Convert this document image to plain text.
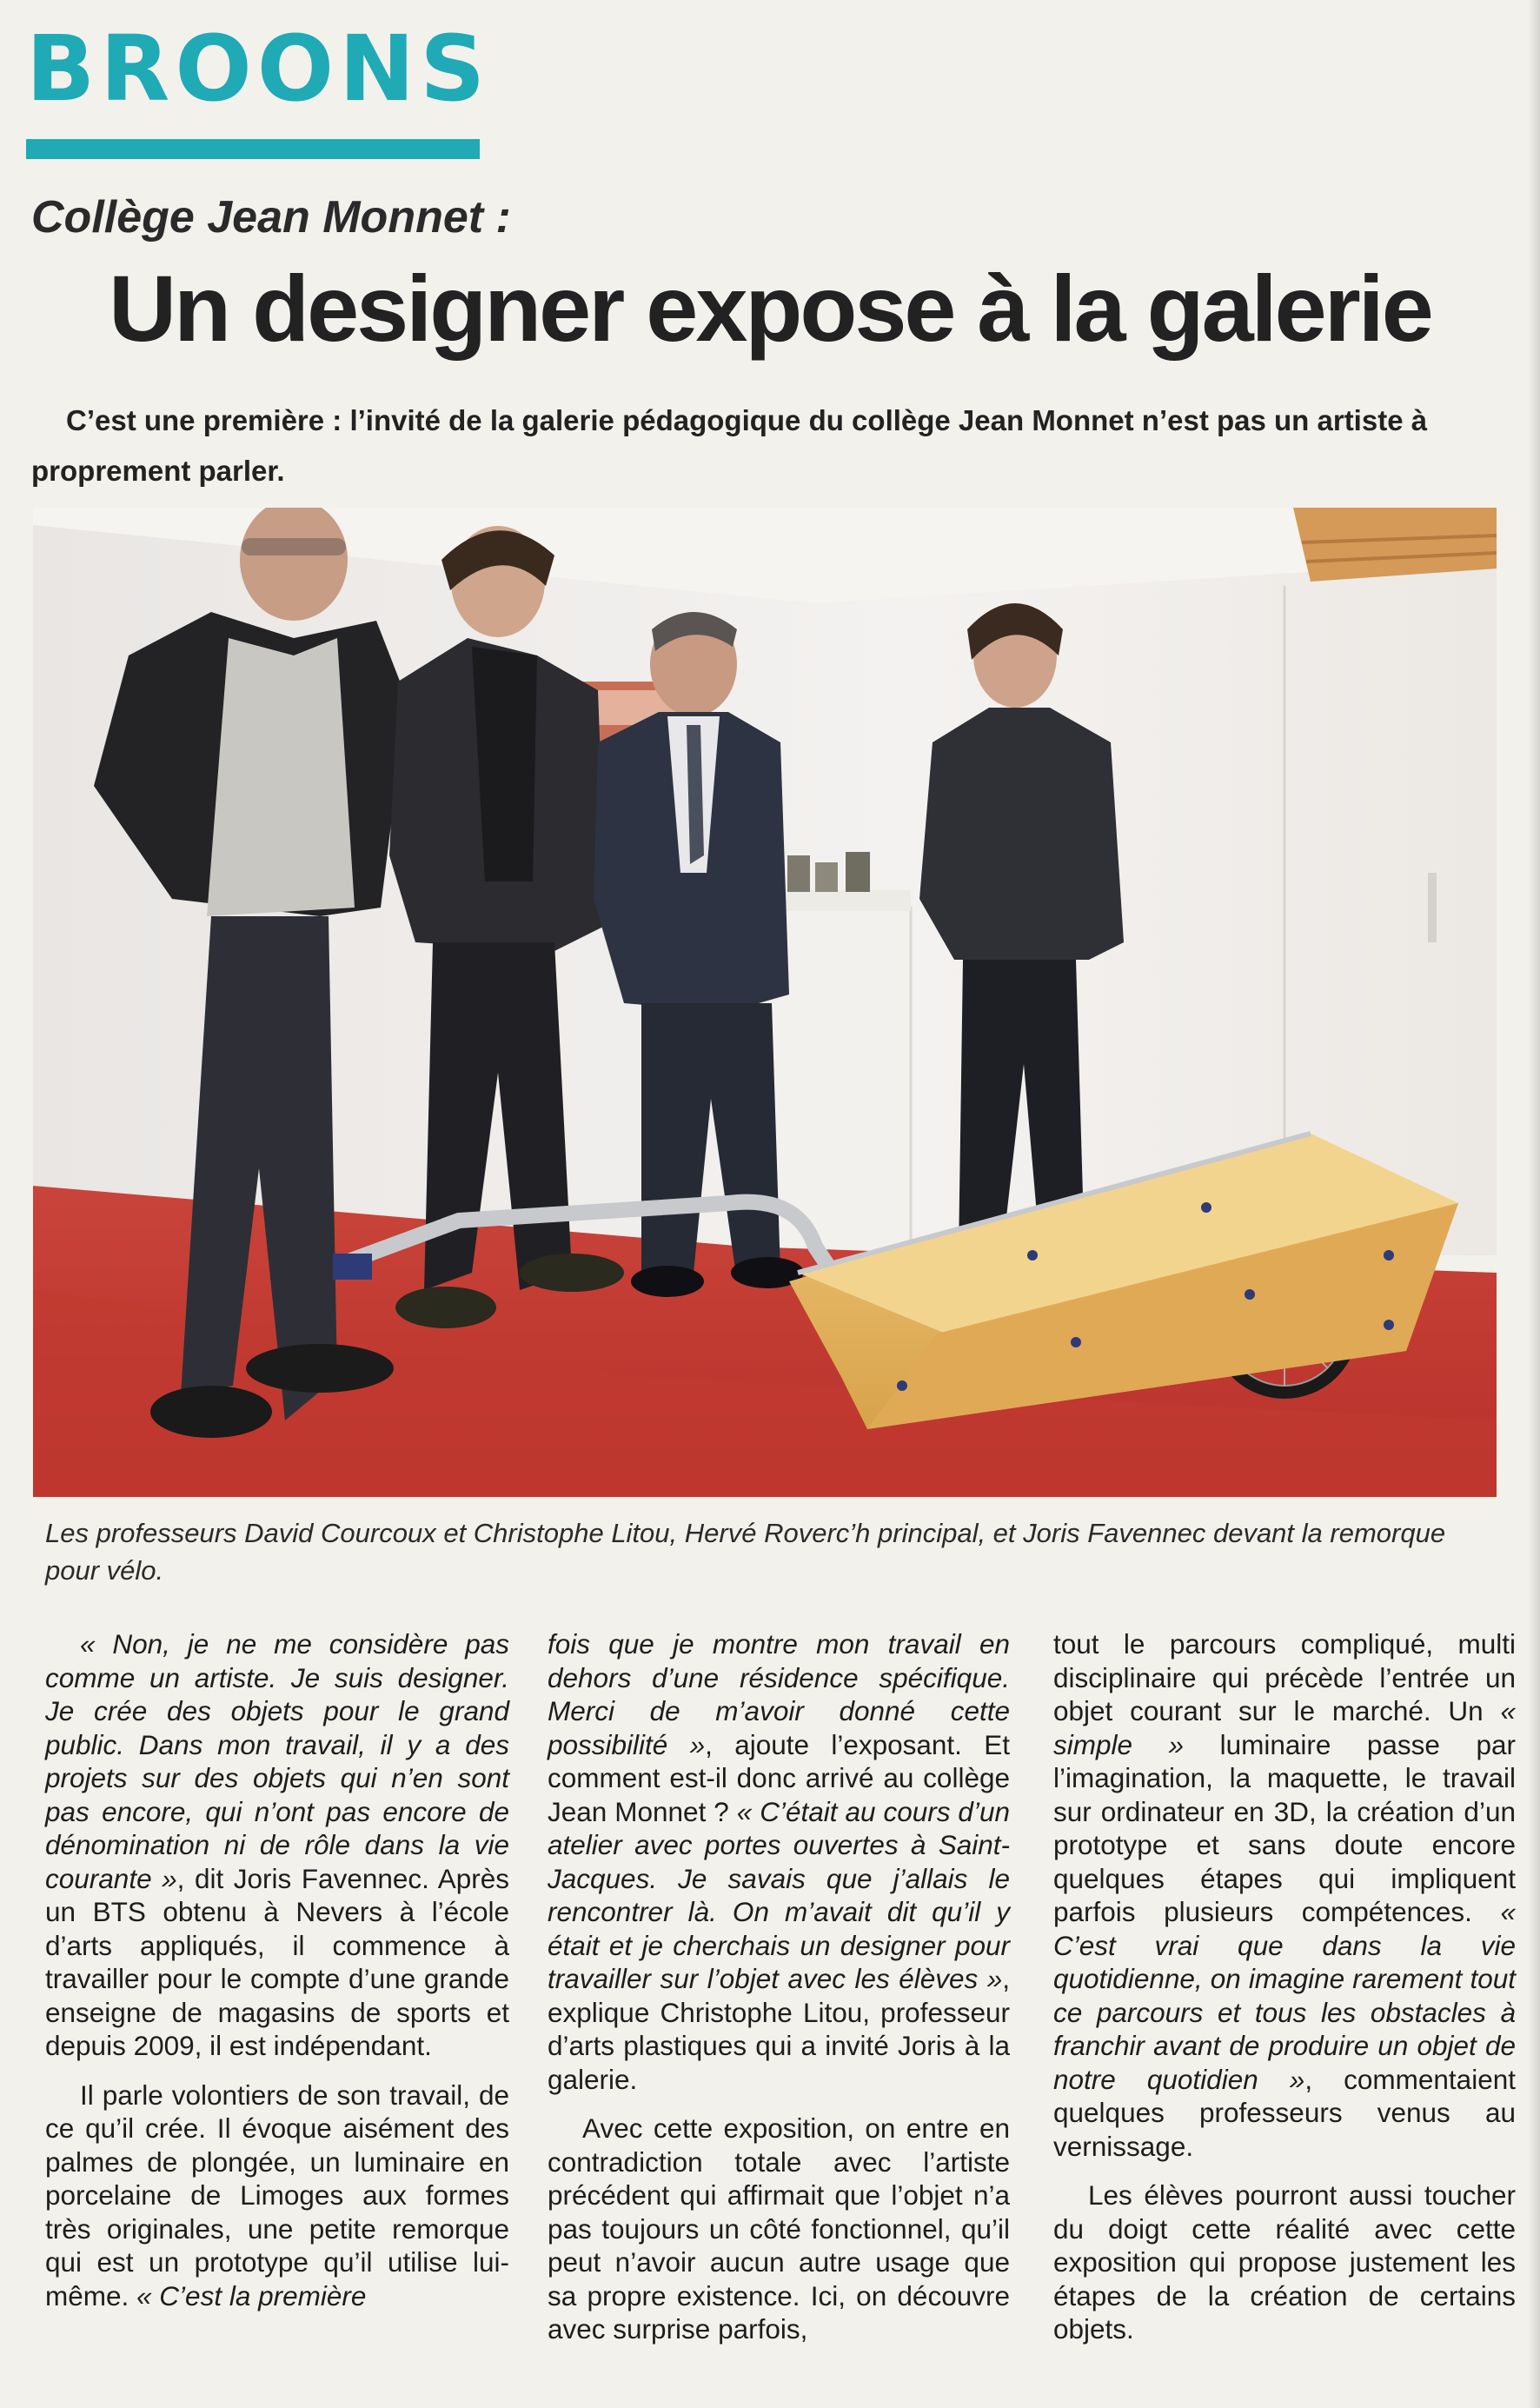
BROONS
Collège Jean Monnet :
Un designer expose à la galerie

C’est une première : l’invité de la galerie pédagogique du collège Jean Monnet n’est pas un artiste à proprement parler.

Les professeurs David Courcoux et Christophe Litou, Hervé Roverc’h principal, et Joris Favennec devant la remorque pour vélo.

« Non, je ne me considère pas comme un artiste. Je suis designer. Je crée des objets pour le grand public. Dans mon travail, il y a des projets sur des objets qui n’en sont pas encore, qui n’ont pas encore de dénomination ni de rôle dans la vie courante », dit Joris Favennec. Après un BTS obtenu à Nevers à l’école d’arts appliqués, il commence à travailler pour le compte d’une grande enseigne de magasins de sports et depuis 2009, il est indépendant.

Il parle volontiers de son travail, de ce qu’il crée. Il évoque aisément des palmes de plongée, un luminaire en porcelaine de Limoges aux formes très originales, une petite remorque qui est un prototype qu’il utilise lui-même. « C’est la première

fois que je montre mon travail en dehors d’une résidence spécifique. Merci de m’avoir donné cette possibilité », ajoute l’exposant. Et comment est-il donc arrivé au collège Jean Monnet ? « C’était au cours d’un atelier avec portes ouvertes à Saint-Jacques. Je savais que j’allais le rencontrer là. On m’avait dit qu’il y était et je cherchais un designer pour travailler sur l’objet avec les élèves », explique Christophe Litou, professeur d’arts plastiques qui a invité Joris à la galerie.

Avec cette exposition, on entre en contradiction totale avec l’artiste précédent qui affirmait que l’objet n’a pas toujours un côté fonctionnel, qu’il peut n’avoir aucun autre usage que sa propre existence. Ici, on découvre avec surprise parfois,

tout le parcours compliqué, multi disciplinaire qui précède l’entrée un objet courant sur le marché. Un « simple » luminaire passe par l’imagination, la maquette, le travail sur ordinateur en 3D, la création d’un prototype et sans doute encore quelques étapes qui impliquent parfois plusieurs compétences. « C’est vrai que dans la vie quotidienne, on imagine rarement tout ce parcours et tous les obstacles à franchir avant de produire un objet de notre quotidien », commentaient quelques professeurs venus au vernissage.

Les élèves pourront aussi toucher du doigt cette réalité avec cette exposition qui propose justement les étapes de la création de certains objets.
